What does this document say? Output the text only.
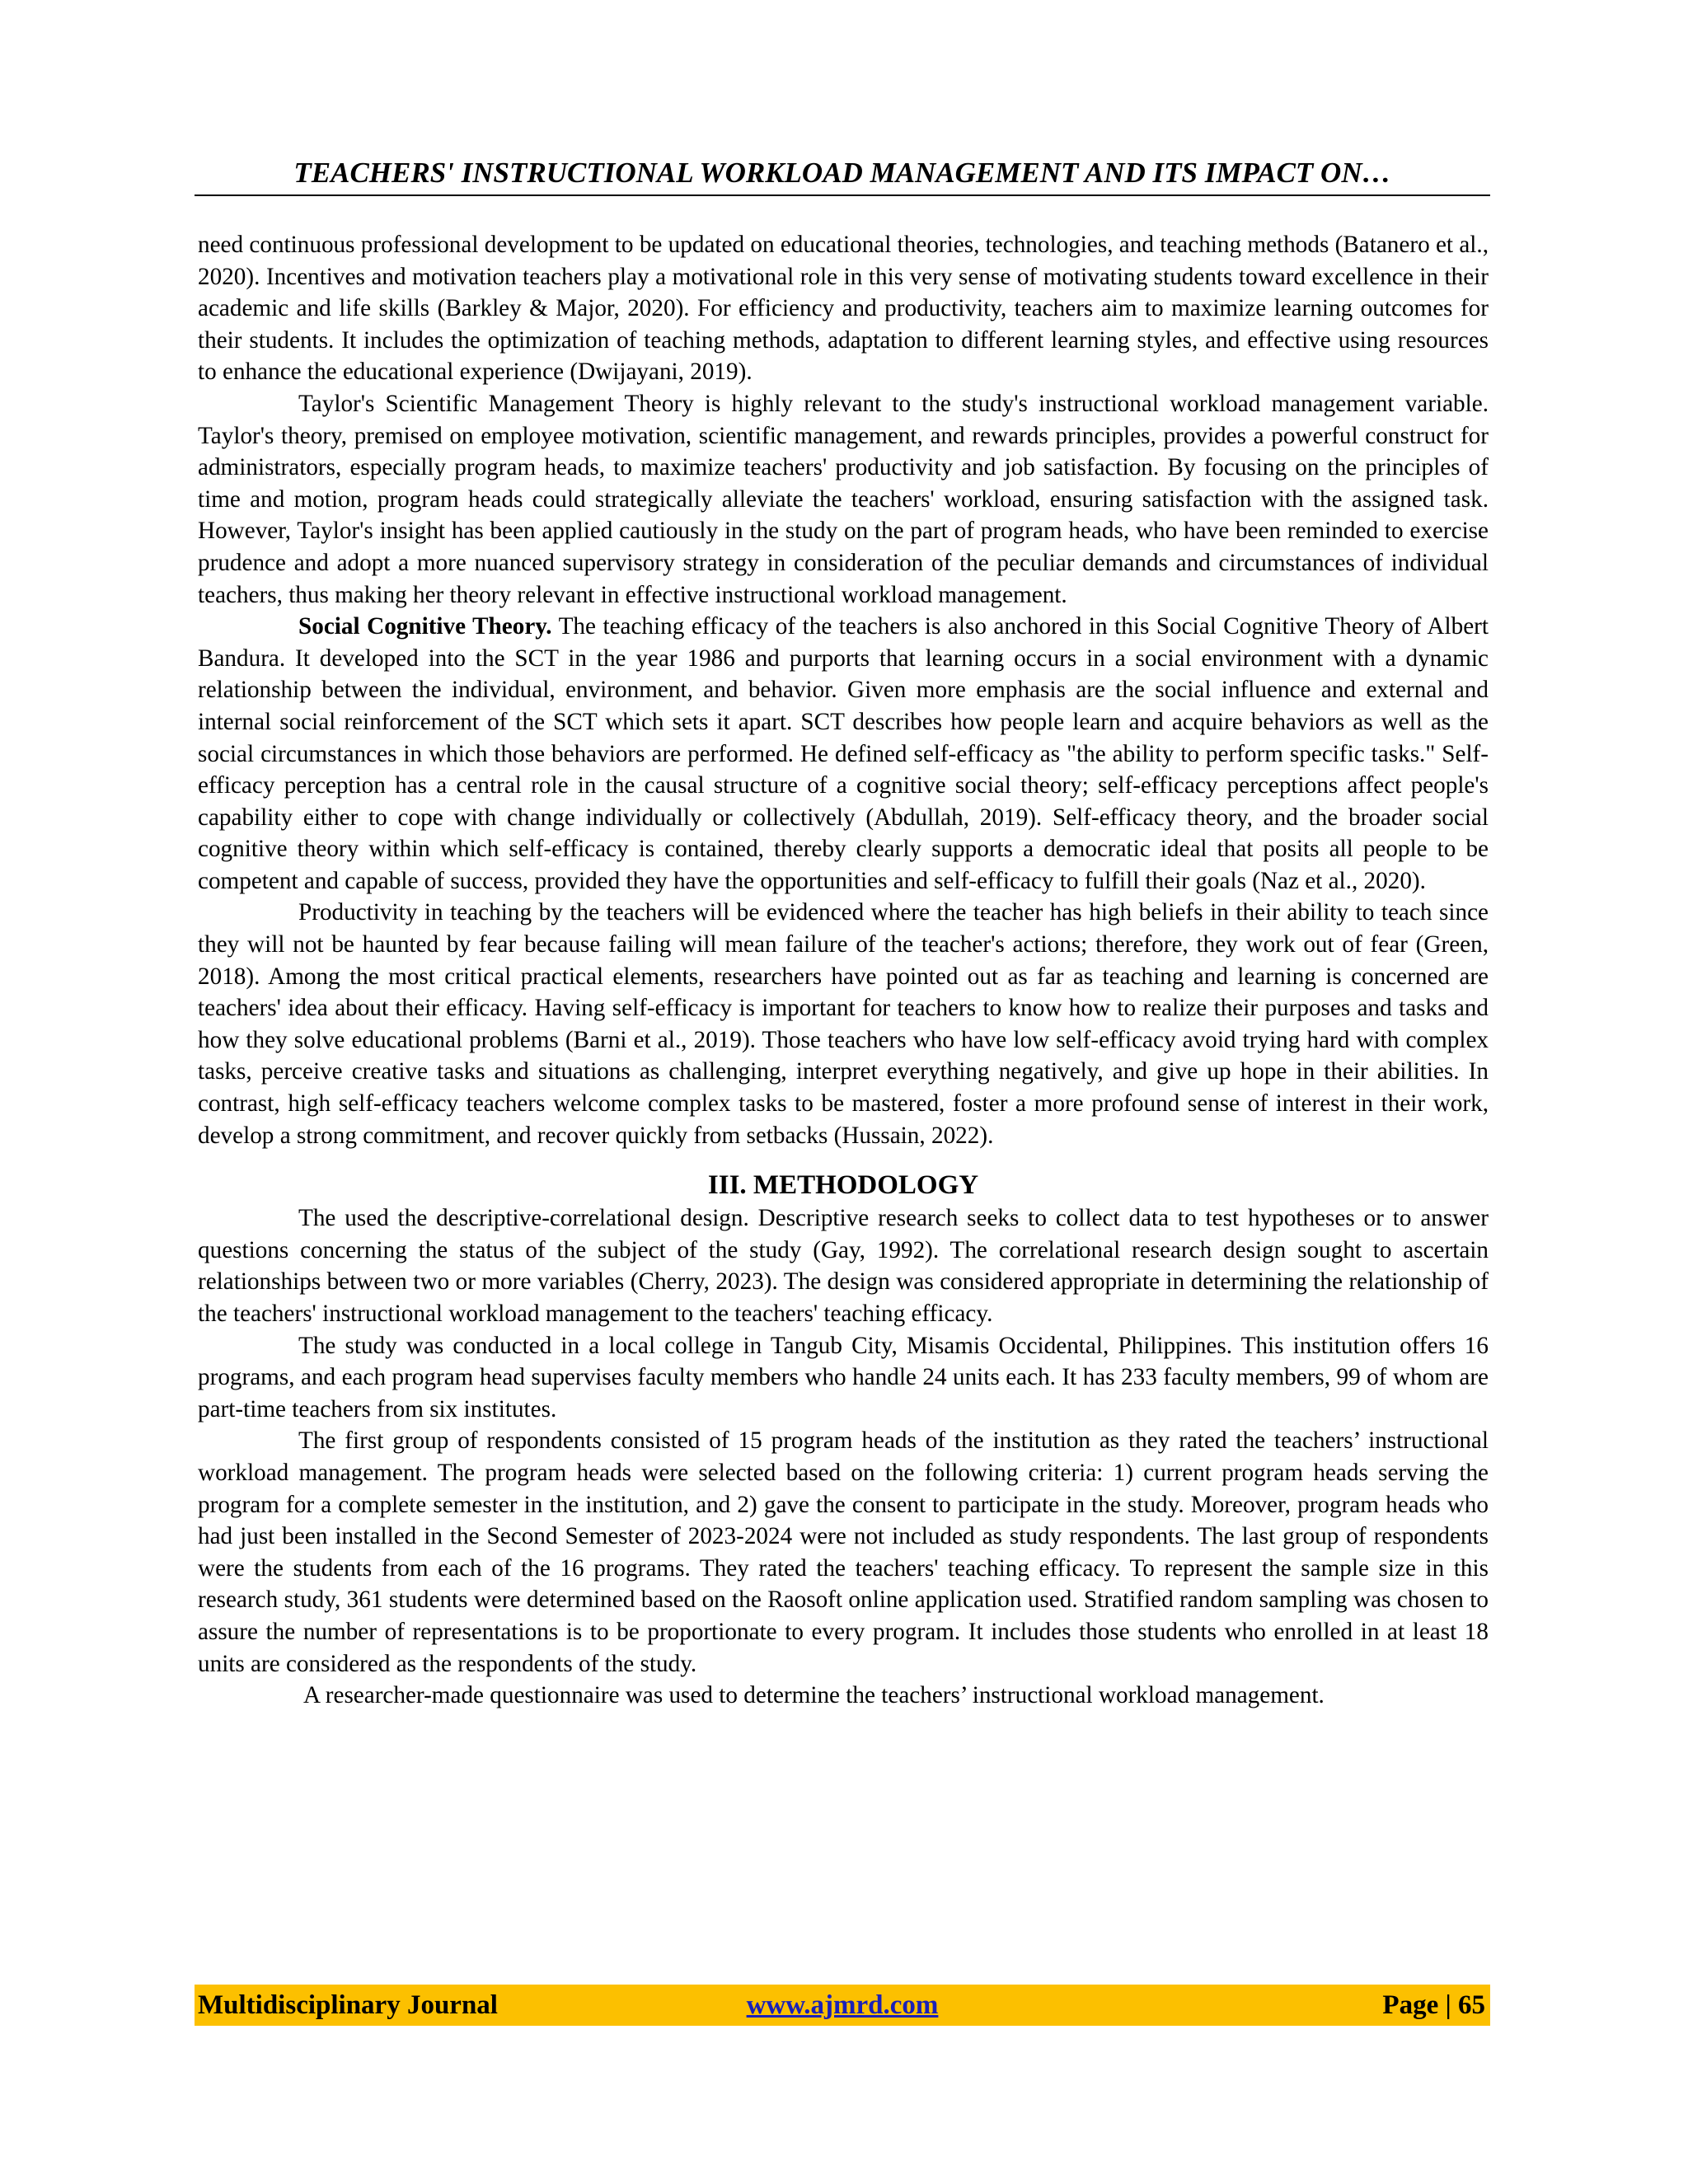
TEACHERS' INSTRUCTIONAL WORKLOAD MANAGEMENT AND ITS IMPACT ON…

need continuous professional development to be updated on educational theories, technologies, and teaching methods (Batanero et al., 2020). Incentives and motivation teachers play a motivational role in this very sense of motivating students toward excellence in their academic and life skills (Barkley & Major, 2020). For efficiency and productivity, teachers aim to maximize learning outcomes for their students. It includes the optimization of teaching methods, adaptation to different learning styles, and effective using resources to enhance the educational experience (Dwijayani, 2019).

Taylor's Scientific Management Theory is highly relevant to the study's instructional workload management variable. Taylor's theory, premised on employee motivation, scientific management, and rewards principles, provides a powerful construct for administrators, especially program heads, to maximize teachers' productivity and job satisfaction. By focusing on the principles of time and motion, program heads could strategically alleviate the teachers' workload, ensuring satisfaction with the assigned task. However, Taylor's insight has been applied cautiously in the study on the part of program heads, who have been reminded to exercise prudence and adopt a more nuanced supervisory strategy in consideration of the peculiar demands and circumstances of individual teachers, thus making her theory relevant in effective instructional workload management.

Social Cognitive Theory. The teaching efficacy of the teachers is also anchored in this Social Cognitive Theory of Albert Bandura. It developed into the SCT in the year 1986 and purports that learning occurs in a social environment with a dynamic relationship between the individual, environment, and behavior. Given more emphasis are the social influence and external and internal social reinforcement of the SCT which sets it apart. SCT describes how people learn and acquire behaviors as well as the social circumstances in which those behaviors are performed. He defined self-efficacy as "the ability to perform specific tasks." Self-efficacy perception has a central role in the causal structure of a cognitive social theory; self-efficacy perceptions affect people's capability either to cope with change individually or collectively (Abdullah, 2019). Self-efficacy theory, and the broader social cognitive theory within which self-efficacy is contained, thereby clearly supports a democratic ideal that posits all people to be competent and capable of success, provided they have the opportunities and self-efficacy to fulfill their goals (Naz et al., 2020).

Productivity in teaching by the teachers will be evidenced where the teacher has high beliefs in their ability to teach since they will not be haunted by fear because failing will mean failure of the teacher's actions; therefore, they work out of fear (Green, 2018). Among the most critical practical elements, researchers have pointed out as far as teaching and learning is concerned are teachers' idea about their efficacy. Having self-efficacy is important for teachers to know how to realize their purposes and tasks and how they solve educational problems (Barni et al., 2019). Those teachers who have low self-efficacy avoid trying hard with complex tasks, perceive creative tasks and situations as challenging, interpret everything negatively, and give up hope in their abilities. In contrast, high self-efficacy teachers welcome complex tasks to be mastered, foster a more profound sense of interest in their work, develop a strong commitment, and recover quickly from setbacks (Hussain, 2022).

III. METHODOLOGY

The used the descriptive-correlational design. Descriptive research seeks to collect data to test hypotheses or to answer questions concerning the status of the subject of the study (Gay, 1992). The correlational research design sought to ascertain relationships between two or more variables (Cherry, 2023). The design was considered appropriate in determining the relationship of the teachers' instructional workload management to the teachers' teaching efficacy.

The study was conducted in a local college in Tangub City, Misamis Occidental, Philippines. This institution offers 16 programs, and each program head supervises faculty members who handle 24 units each. It has 233 faculty members, 99 of whom are part-time teachers from six institutes.

The first group of respondents consisted of 15 program heads of the institution as they rated the teachers’ instructional workload management. The program heads were selected based on the following criteria: 1) current program heads serving the program for a complete semester in the institution, and 2) gave the consent to participate in the study. Moreover, program heads who had just been installed in the Second Semester of 2023-2024 were not included as study respondents. The last group of respondents were the students from each of the 16 programs. They rated the teachers' teaching efficacy. To represent the sample size in this research study, 361 students were determined based on the Raosoft online application used. Stratified random sampling was chosen to assure the number of representations is to be proportionate to every program. It includes those students who enrolled in at least 18 units are considered as the respondents of the study.

A researcher-made questionnaire was used to determine the teachers’ instructional workload management.

Multidisciplinary Journal	www.ajmrd.com	Page | 65
